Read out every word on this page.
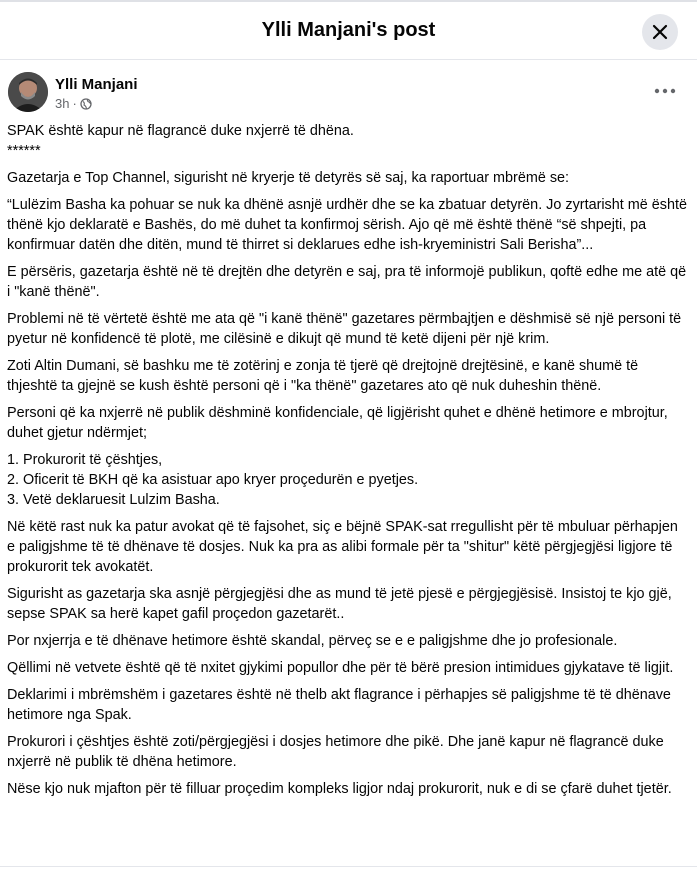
Ylli Manjani's post
Ylli Manjani
3h ·

SPAK është kapur në flagrancë duke nxjerrë të dhëna.

******

Gazetarja e Top Channel, sigurisht në kryerje të detyrës së saj, ka raportuar mbrëmë se:

“Lulëzim Basha ka pohuar se nuk ka dhënë asnjë urdhër dhe se ka zbatuar detyrën. Jo zyrtarisht më është thënë kjo deklaratë e Bashës, do më duhet ta konfirmoj sërish. Ajo që më është thënë “së shpejti, pa konfirmuar datën dhe ditën, mund të thirret si deklarues edhe ish-kryeministri Sali Berisha”...

E përsëris, gazetarja është në të drejtën dhe detyrën e saj, pra të informojë publikun, qoftë edhe me atë që i "kanë thënë".

Problemi në të vërtetë është me ata që "i kanë thënë" gazetares përmbajtjen e dëshmisë së një personi të pyetur në konfidencë të plotë, me cilësinë e dikujt që mund të ketë dijeni për një krim.

Zoti Altin Dumani, së bashku me të zotërinj e zonja të tjerë që drejtojnë drejtësinë, e kanë shumë të thjeshtë ta gjejnë se kush është personi që i "ka thënë" gazetares ato që nuk duheshin thënë.

Personi që ka nxjerrë në publik dëshminë konfidenciale, që ligjërisht quhet e dhënë hetimore e mbrojtur, duhet gjetur ndërmjet;

1. Prokurorit të çështjes,

2. Oficerit të BKH që ka asistuar apo kryer proçedurën e pyetjes.

3. Vetë deklaruesit Lulzim Basha.

Në këtë rast nuk ka patur avokat që të fajsohet, siç e bëjnë SPAK-sat rregullisht për të mbuluar përhapjen e paligjshme të të dhënave të dosjes. Nuk ka pra as alibi formale për ta "shitur" këtë përgjegjësi ligjore të prokurorit tek avokatët.

Sigurisht as gazetarja ska asnjë përgjegjësi dhe as mund të jetë pjesë e përgjegjësisë. Insistoj te kjo gjë, sepse SPAK sa herë kapet gafil proçedon gazetarët..

Por nxjerrja e të dhënave hetimore është skandal, përveç se e e paligjshme dhe jo profesionale.

Qëllimi në vetvete është që të nxitet gjykimi popullor dhe për të bërë presion intimidues gjykatave të ligjit.

Deklarimi i mbrëmshëm i gazetares është në thelb akt flagrance i përhapjes së paligjshme të të dhënave hetimore nga Spak.

Prokurori i çështjes është zoti/përgjegjësi i dosjes hetimore dhe pikë. Dhe janë kapur në flagrancë duke nxjerrë në publik të dhëna hetimore.

Nëse kjo nuk mjafton për të filluar proçedim kompleks ligjor ndaj prokurorit, nuk e di se çfarë duhet tjetër.
